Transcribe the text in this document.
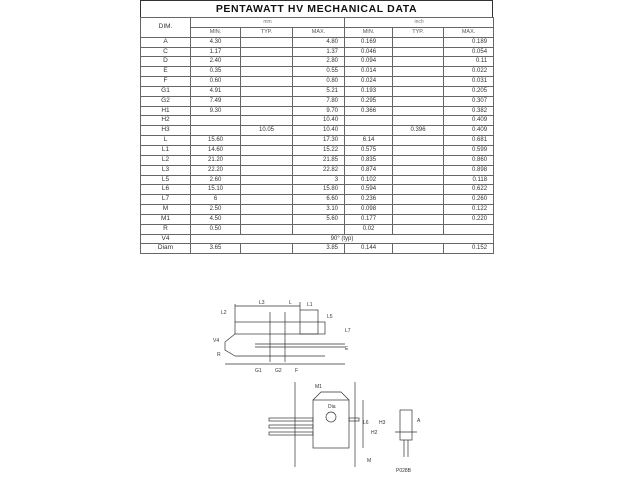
PENTAWATT HV MECHANICAL DATA
DIM.	mm			inch		
	MIN.	TYP.	MAX.	MIN.	TYP.	MAX.
A	4.30		4.80	0.169		0.189
C	1.17		1.37	0.046		0.054
D	2.40		2.80	0.094		0.11
E	0.35		0.55	0.014		0.022
F	0.60		0.80	0.024		0.031
G1	4.91		5.21	0.193		0.205
G2	7.49		7.80	0.295		0.307
H1	9.30		9.70	0.366		0.382
H2			10.40			0.409
H3		10.05	10.40		0.396	0.409
L	15.60		17.30	6.14		0.681
L1	14.60		15.22	0.575		0.599
L2	21.20		21.85	0.835		0.860
L3	22.20		22.82	0.874		0.898
L5	2.60		3	0.102		0.118
L6	15.10		15.80	0.594		0.622
L7	6		6.60	0.236		0.260
M	2.50		3.10	0.098		0.122
M1	4.50		5.60	0.177		0.220
R	0.50			0.02		
V4	90° (typ)					
Diam	3.65		3.85	0.144		0.152
L2
L3	L	L1
L5
L7
E
V4
G1	G2	F
R
M1
Dia
L6
H2
H3
M
A
P028B
